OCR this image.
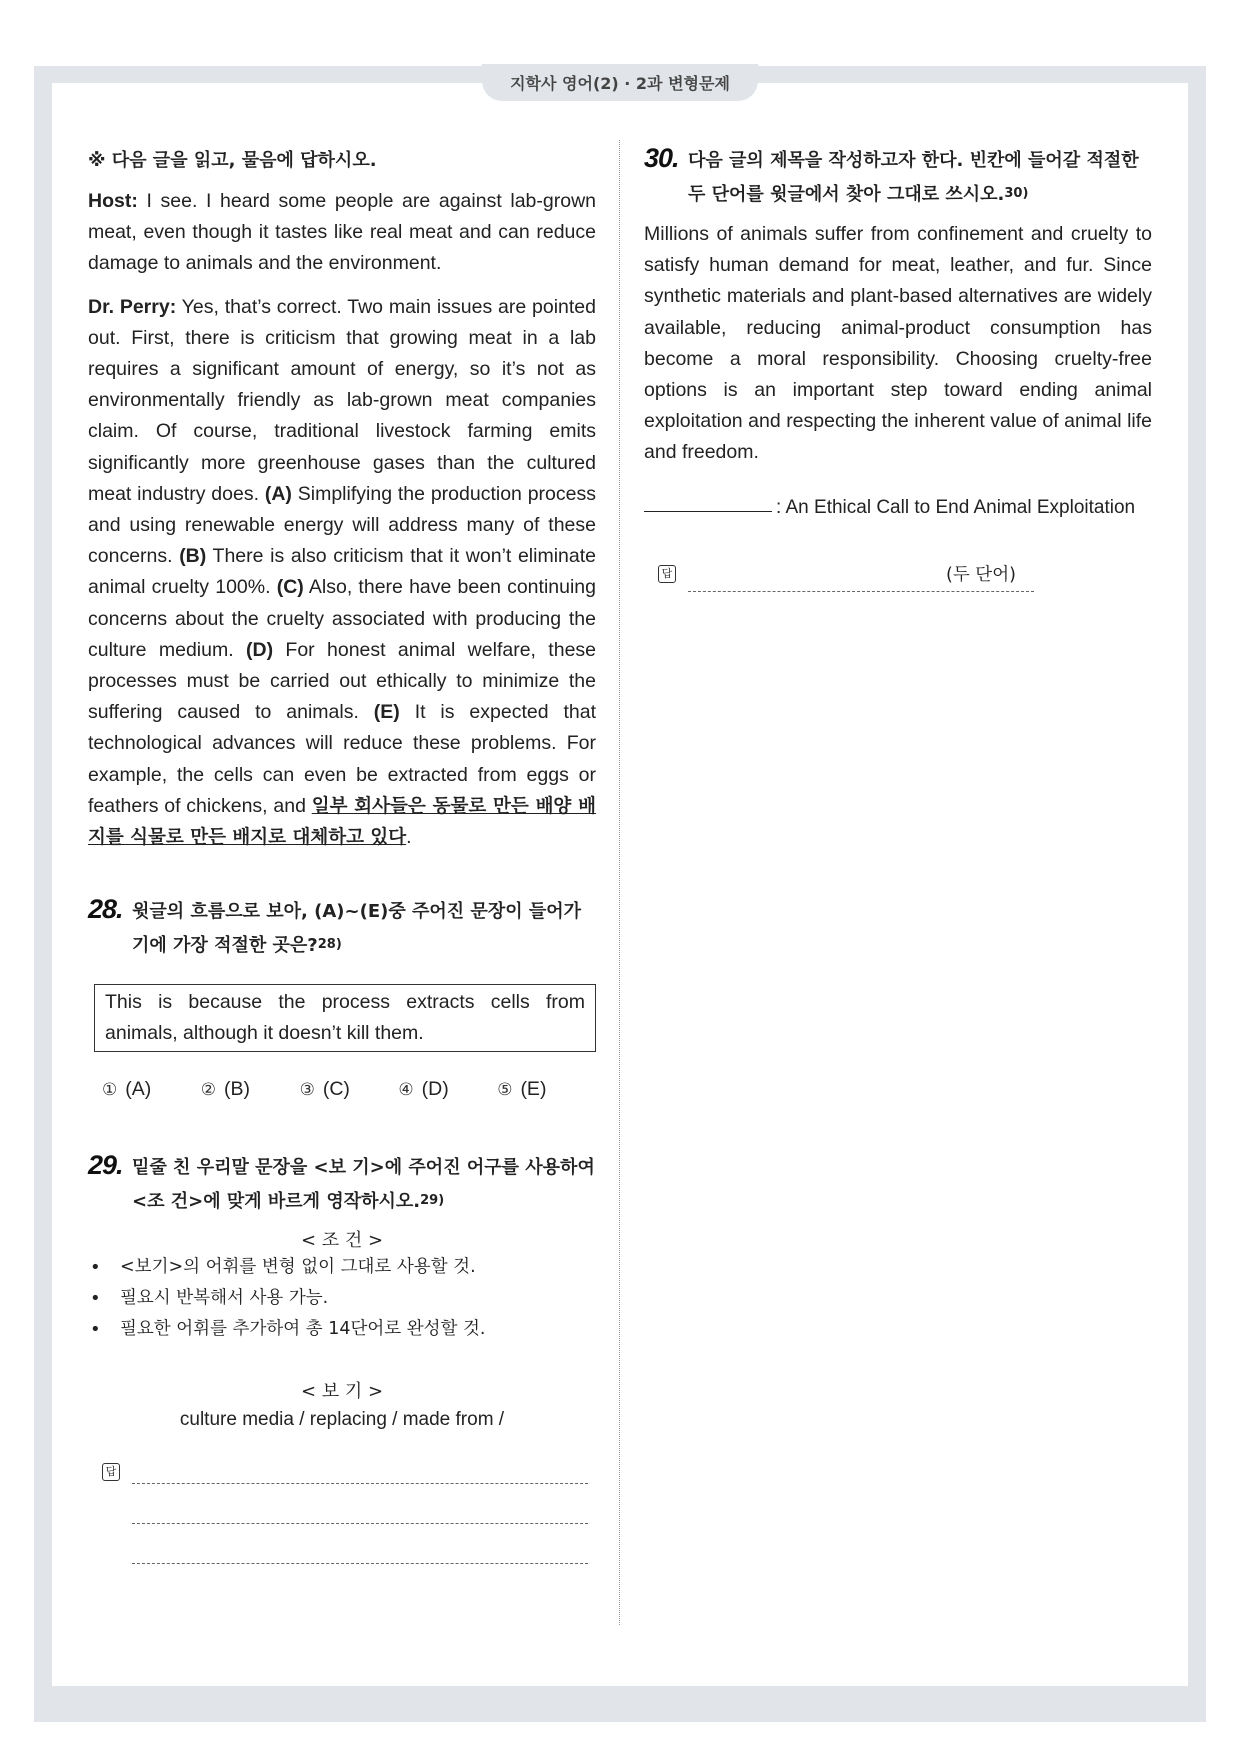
지학사 영어(2) · 2과 변형문제
※ 다음 글을 읽고, 물음에 답하시오.

Host: I see. I heard some people are against lab-grown meat, even though it tastes like real meat and can reduce damage to animals and the environment.

Dr. Perry: Yes, that’s correct. Two main issues are pointed out. First, there is criticism that growing meat in a lab requires a significant amount of energy, so it’s not as environmentally friendly as lab-grown meat companies claim. Of course, traditional livestock farming emits significantly more greenhouse gases than the cultured meat industry does. (A) Simplifying the production process and using renewable energy will address many of these concerns. (B) There is also criticism that it won’t eliminate animal cruelty 100%. (C) Also, there have been continuing concerns about the cruelty associated with producing the culture medium. (D) For honest animal welfare, these processes must be carried out ethically to minimize the suffering caused to animals. (E) It is expected that technological advances will reduce these problems. For example, the cells can even be extracted from eggs or feathers of chickens, and 일부 회사들은 동물로 만든 배양 배지를 식물로 만든 배지로 대체하고 있다.

28. 윗글의 흐름으로 보아, (A)~(E)중 주어진 문장이 들어가기에 가장 적절한 곳은?28)
This is because the process extracts cells from animals, although it doesn’t kill them.
① (A)	② (B)	③ (C)	④ (D)	⑤ (E)
29. 밑줄 친 우리말 문장을 <보 기>에 주어진 어구를 사용하여 <조 건>에 맞게 바르게 영작하시오.29)
< 조 건 >
• <보기>의 어휘를 변형 없이 그대로 사용할 것.
• 필요시 반복해서 사용 가능.
• 필요한 어휘를 추가하여 총 14단어로 완성할 것.
< 보 기 >
culture media / replacing / made from /
답
30. 다음 글의 제목을 작성하고자 한다. 빈칸에 들어갈 적절한 두 단어를 윗글에서 찾아 그대로 쓰시오.30)

Millions of animals suffer from confinement and cruelty to satisfy human demand for meat, leather, and fur. Since synthetic materials and plant-based alternatives are widely available, reducing animal-product consumption has become a moral responsibility. Choosing cruelty-free options is an important step toward ending animal exploitation and respecting the inherent value of animal life and freedom.

: An Ethical Call to End Animal Exploitation
답	(두 단어)
